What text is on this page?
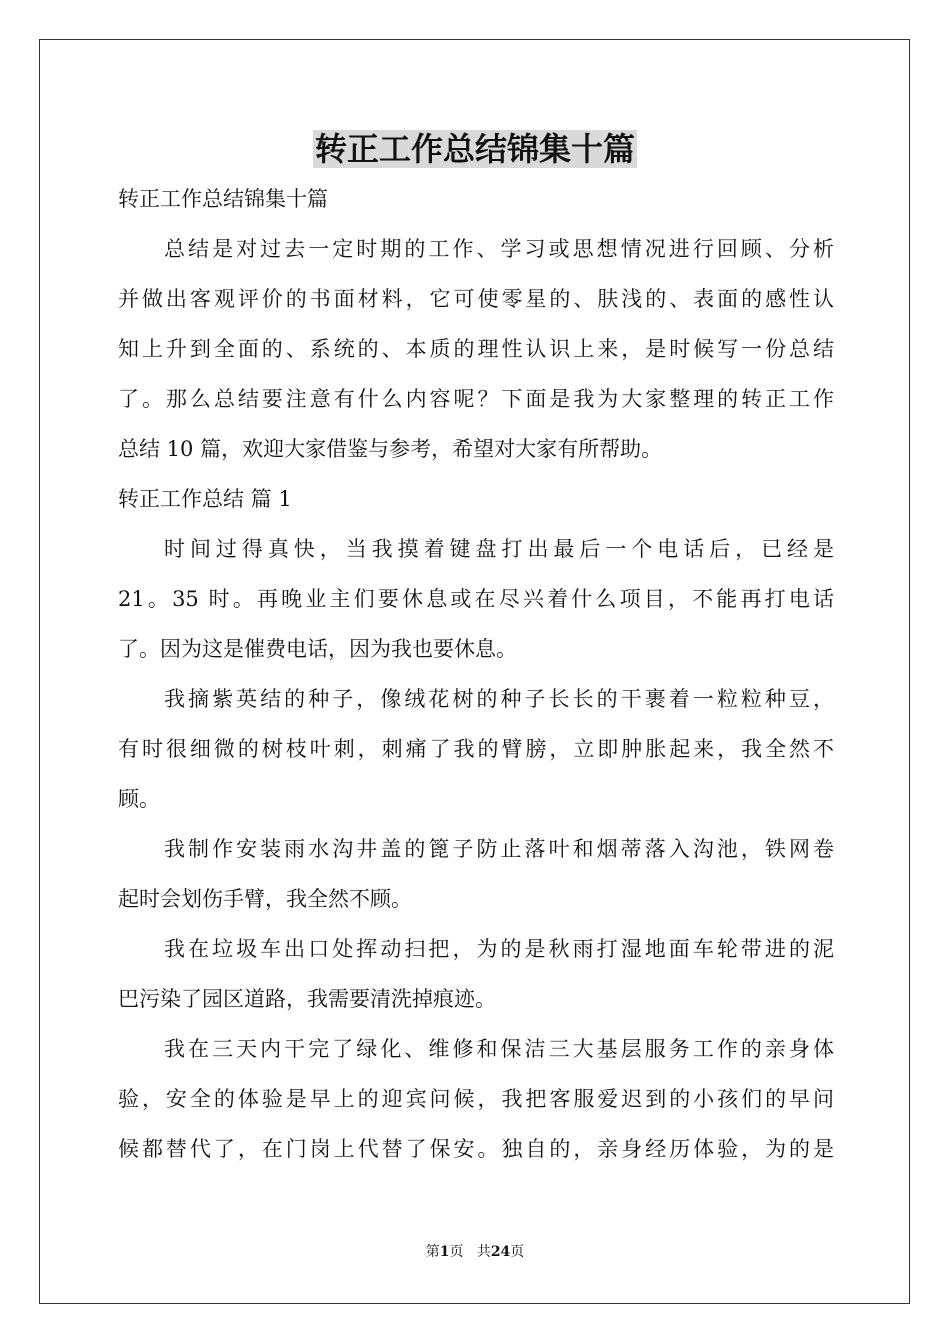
转正工作总结锦集十篇
转正工作总结锦集十篇
总结是对过去一定时期的工作、学习或思想情况进行回顾、分析
并做出客观评价的书面材料，它可使零星的、肤浅的、表面的感性认
知上升到全面的、系统的、本质的理性认识上来，是时候写一份总结
了。那么总结要注意有什么内容呢？下面是我为大家整理的转正工作
总结 10 篇，欢迎大家借鉴与参考，希望对大家有所帮助。
转正工作总结 篇 1
时间过得真快，当我摸着键盘打出最后一个电话后，已经是
21。35 时。再晚业主们要休息或在尽兴着什么项目，不能再打电话
了。因为这是催费电话，因为我也要休息。
我摘紫英结的种子，像绒花树的种子长长的干裹着一粒粒种豆，
有时很细微的树枝叶刺，刺痛了我的臂膀，立即肿胀起来，我全然不
顾。
我制作安装雨水沟井盖的篦子防止落叶和烟蒂落入沟池，铁网卷
起时会划伤手臂，我全然不顾。
我在垃圾车出口处挥动扫把，为的是秋雨打湿地面车轮带进的泥
巴污染了园区道路，我需要清洗掉痕迹。
我在三天内干完了绿化、维修和保洁三大基层服务工作的亲身体
验，安全的体验是早上的迎宾问候，我把客服爱迟到的小孩们的早问
候都替代了，在门岗上代替了保安。独自的，亲身经历体验，为的是
第1页 共24页
